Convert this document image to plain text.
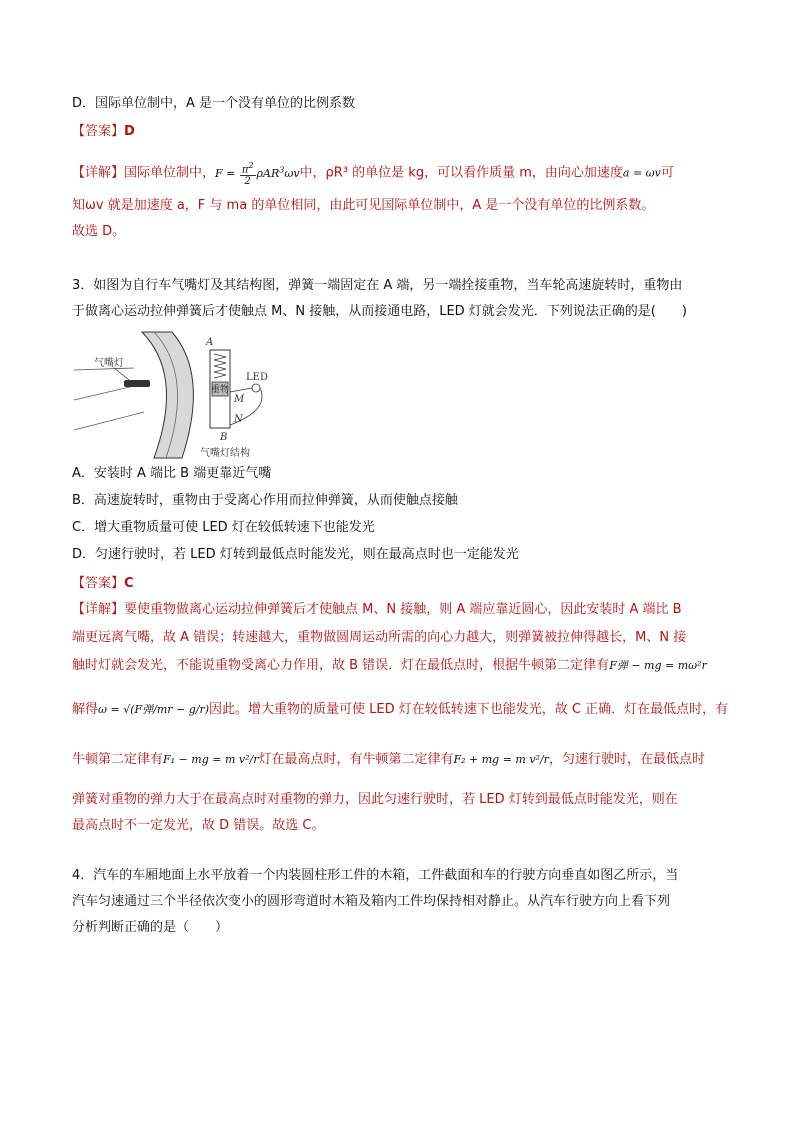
D．国际单位制中，A 是一个没有单位的比例系数
【答案】D
【详解】国际单位制中，$F = \frac{\pi^2}{2} \rho AR^3\omega v$中，ρR³ 的单位是 kg，可以看作质量 m，由向心加速度a = ωv可
知ωv 就是加速度 a，F 与 ma 的单位相同，由此可见国际单位制中，A 是一个没有单位的比例系数。
故选 D。
3．如图为自行车气嘴灯及其结构图，弹簧一端固定在 A 端，另一端拴接重物，当车轮高速旋转时，重物由
于做离心运动拉伸弹簧后才使触点 M、N 接触，从而接通电路，LED 灯就会发光．下列说法正确的是(　　)
气嘴灯
A
重物
LED
M
N
B
气嘴灯结构
A．安装时 A 端比 B 端更靠近气嘴
B．高速旋转时，重物由于受离心作用而拉伸弹簧，从而使触点接触
C．增大重物质量可使 LED 灯在较低转速下也能发光
D．匀速行驶时，若 LED 灯转到最低点时能发光，则在最高点时也一定能发光
【答案】C
【详解】要使重物做离心运动拉伸弹簧后才使触点 M、N 接触，则 A 端应靠近圆心，因此安装时 A 端比 B
端更远离气嘴，故 A 错误；转速越大，重物做圆周运动所需的向心力越大，则弹簧被拉伸得越长，M、N 接
触时灯就会发光，不能说重物受离心力作用，故 B 错误．灯在最低点时，根据牛顿第二定律有F弹 − mg = mω²r
解得ω = √(F弹/mr − g/r)因此。增大重物的质量可使 LED 灯在较低转速下也能发光，故 C 正确．灯在最低点时，有
牛顿第二定律有F₁ − mg = m v²/r灯在最高点时，有牛顿第二定律有F₂ + mg = m v²/r，匀速行驶时，在最低点时
弹簧对重物的弹力大于在最高点时对重物的弹力，因此匀速行驶时，若 LED 灯转到最低点时能发光，则在
最高点时不一定发光，故 D 错误。故选 C。
4．汽车的车厢地面上水平放着一个内装圆柱形工件的木箱，工件截面和车的行驶方向垂直如图乙所示，当
汽车匀速通过三个半径依次变小的圆形弯道时木箱及箱内工件均保持相对静止。从汽车行驶方向上看下列
分析判断正确的是（　　）
